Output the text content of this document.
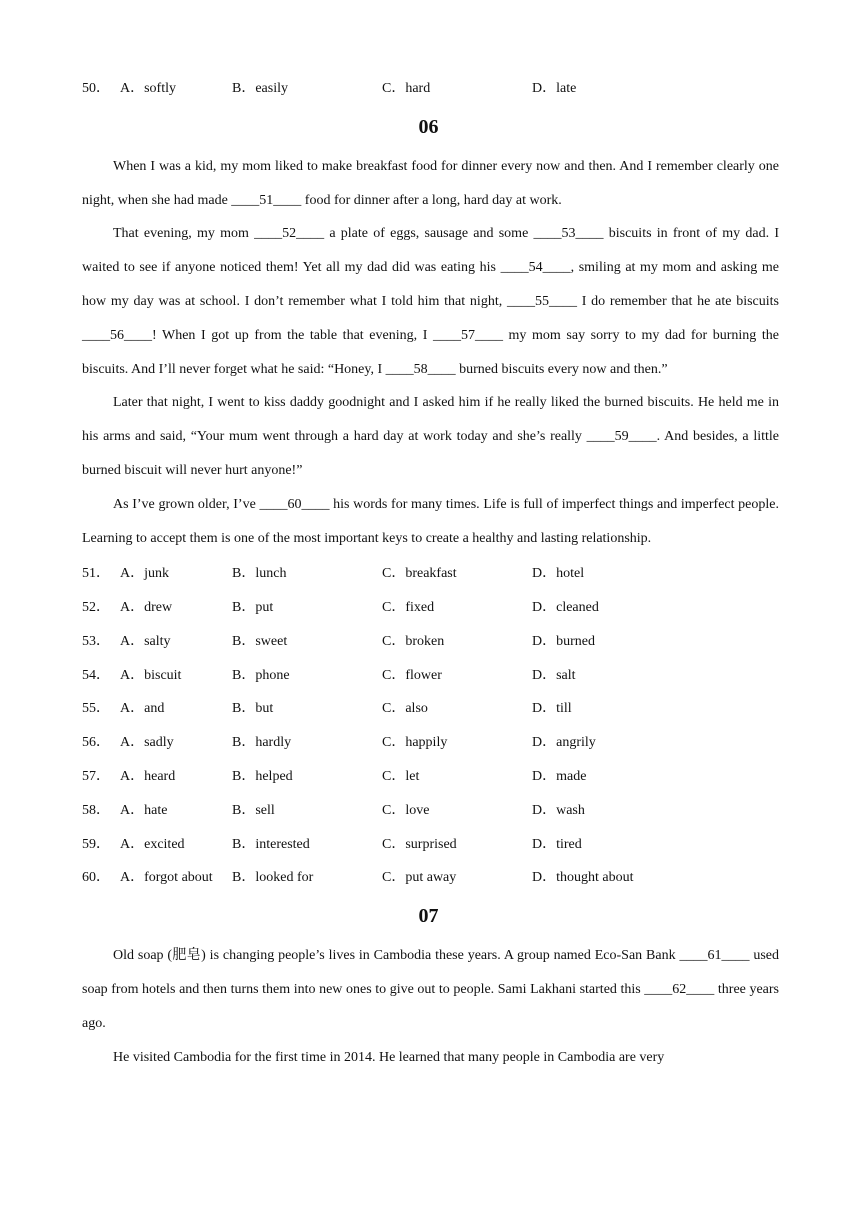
50． A．softly	B．easily	C．hard	D．late
06

When I was a kid, my mom liked to make breakfast food for dinner every now and then. And I remember clearly one night, when she had made ____51____ food for dinner after a long, hard day at work.

That evening, my mom ____52____ a plate of eggs, sausage and some ____53____ biscuits in front of my dad. I waited to see if anyone noticed them! Yet all my dad did was eating his ____54____, smiling at my mom and asking me how my day was at school. I don’t remember what I told him that night, ____55____ I do remember that he ate biscuits ____56____! When I got up from the table that evening, I ____57____ my mom say sorry to my dad for burning the biscuits. And I’ll never forget what he said: “Honey, I ____58____ burned biscuits every now and then.”

Later that night, I went to kiss daddy goodnight and I asked him if he really liked the burned biscuits. He held me in his arms and said, “Your mum went through a hard day at work today and she’s really ____59____. And besides, a little burned biscuit will never hurt anyone!”

As I’ve grown older, I’ve ____60____ his words for many times. Life is full of imperfect things and imperfect people. Learning to accept them is one of the most important keys to create a healthy and lasting relationship.

51． A．junk	B．lunch	C．breakfast	D．hotel
52． A．drew	B．put	C．fixed	D．cleaned
53． A．salty	B．sweet	C．broken	D．burned
54． A．biscuit	B．phone	C．flower	D．salt
55． A．and	B．but	C．also	D．till
56． A．sadly	B．hardly	C．happily	D．angrily
57． A．heard	B．helped	C．let	D．made
58． A．hate	B．sell	C．love	D．wash
59． A．excited	B．interested	C．surprised	D．tired
60． A．forgot about	B．looked for	C．put away	D．thought about
07

Old soap (肥皂) is changing people’s lives in Cambodia these years. A group named Eco-San Bank ____61____ used soap from hotels and then turns them into new ones to give out to people. Sami Lakhani started this ____62____ three years ago.

He visited Cambodia for the first time in 2014. He learned that many people in Cambodia are very
